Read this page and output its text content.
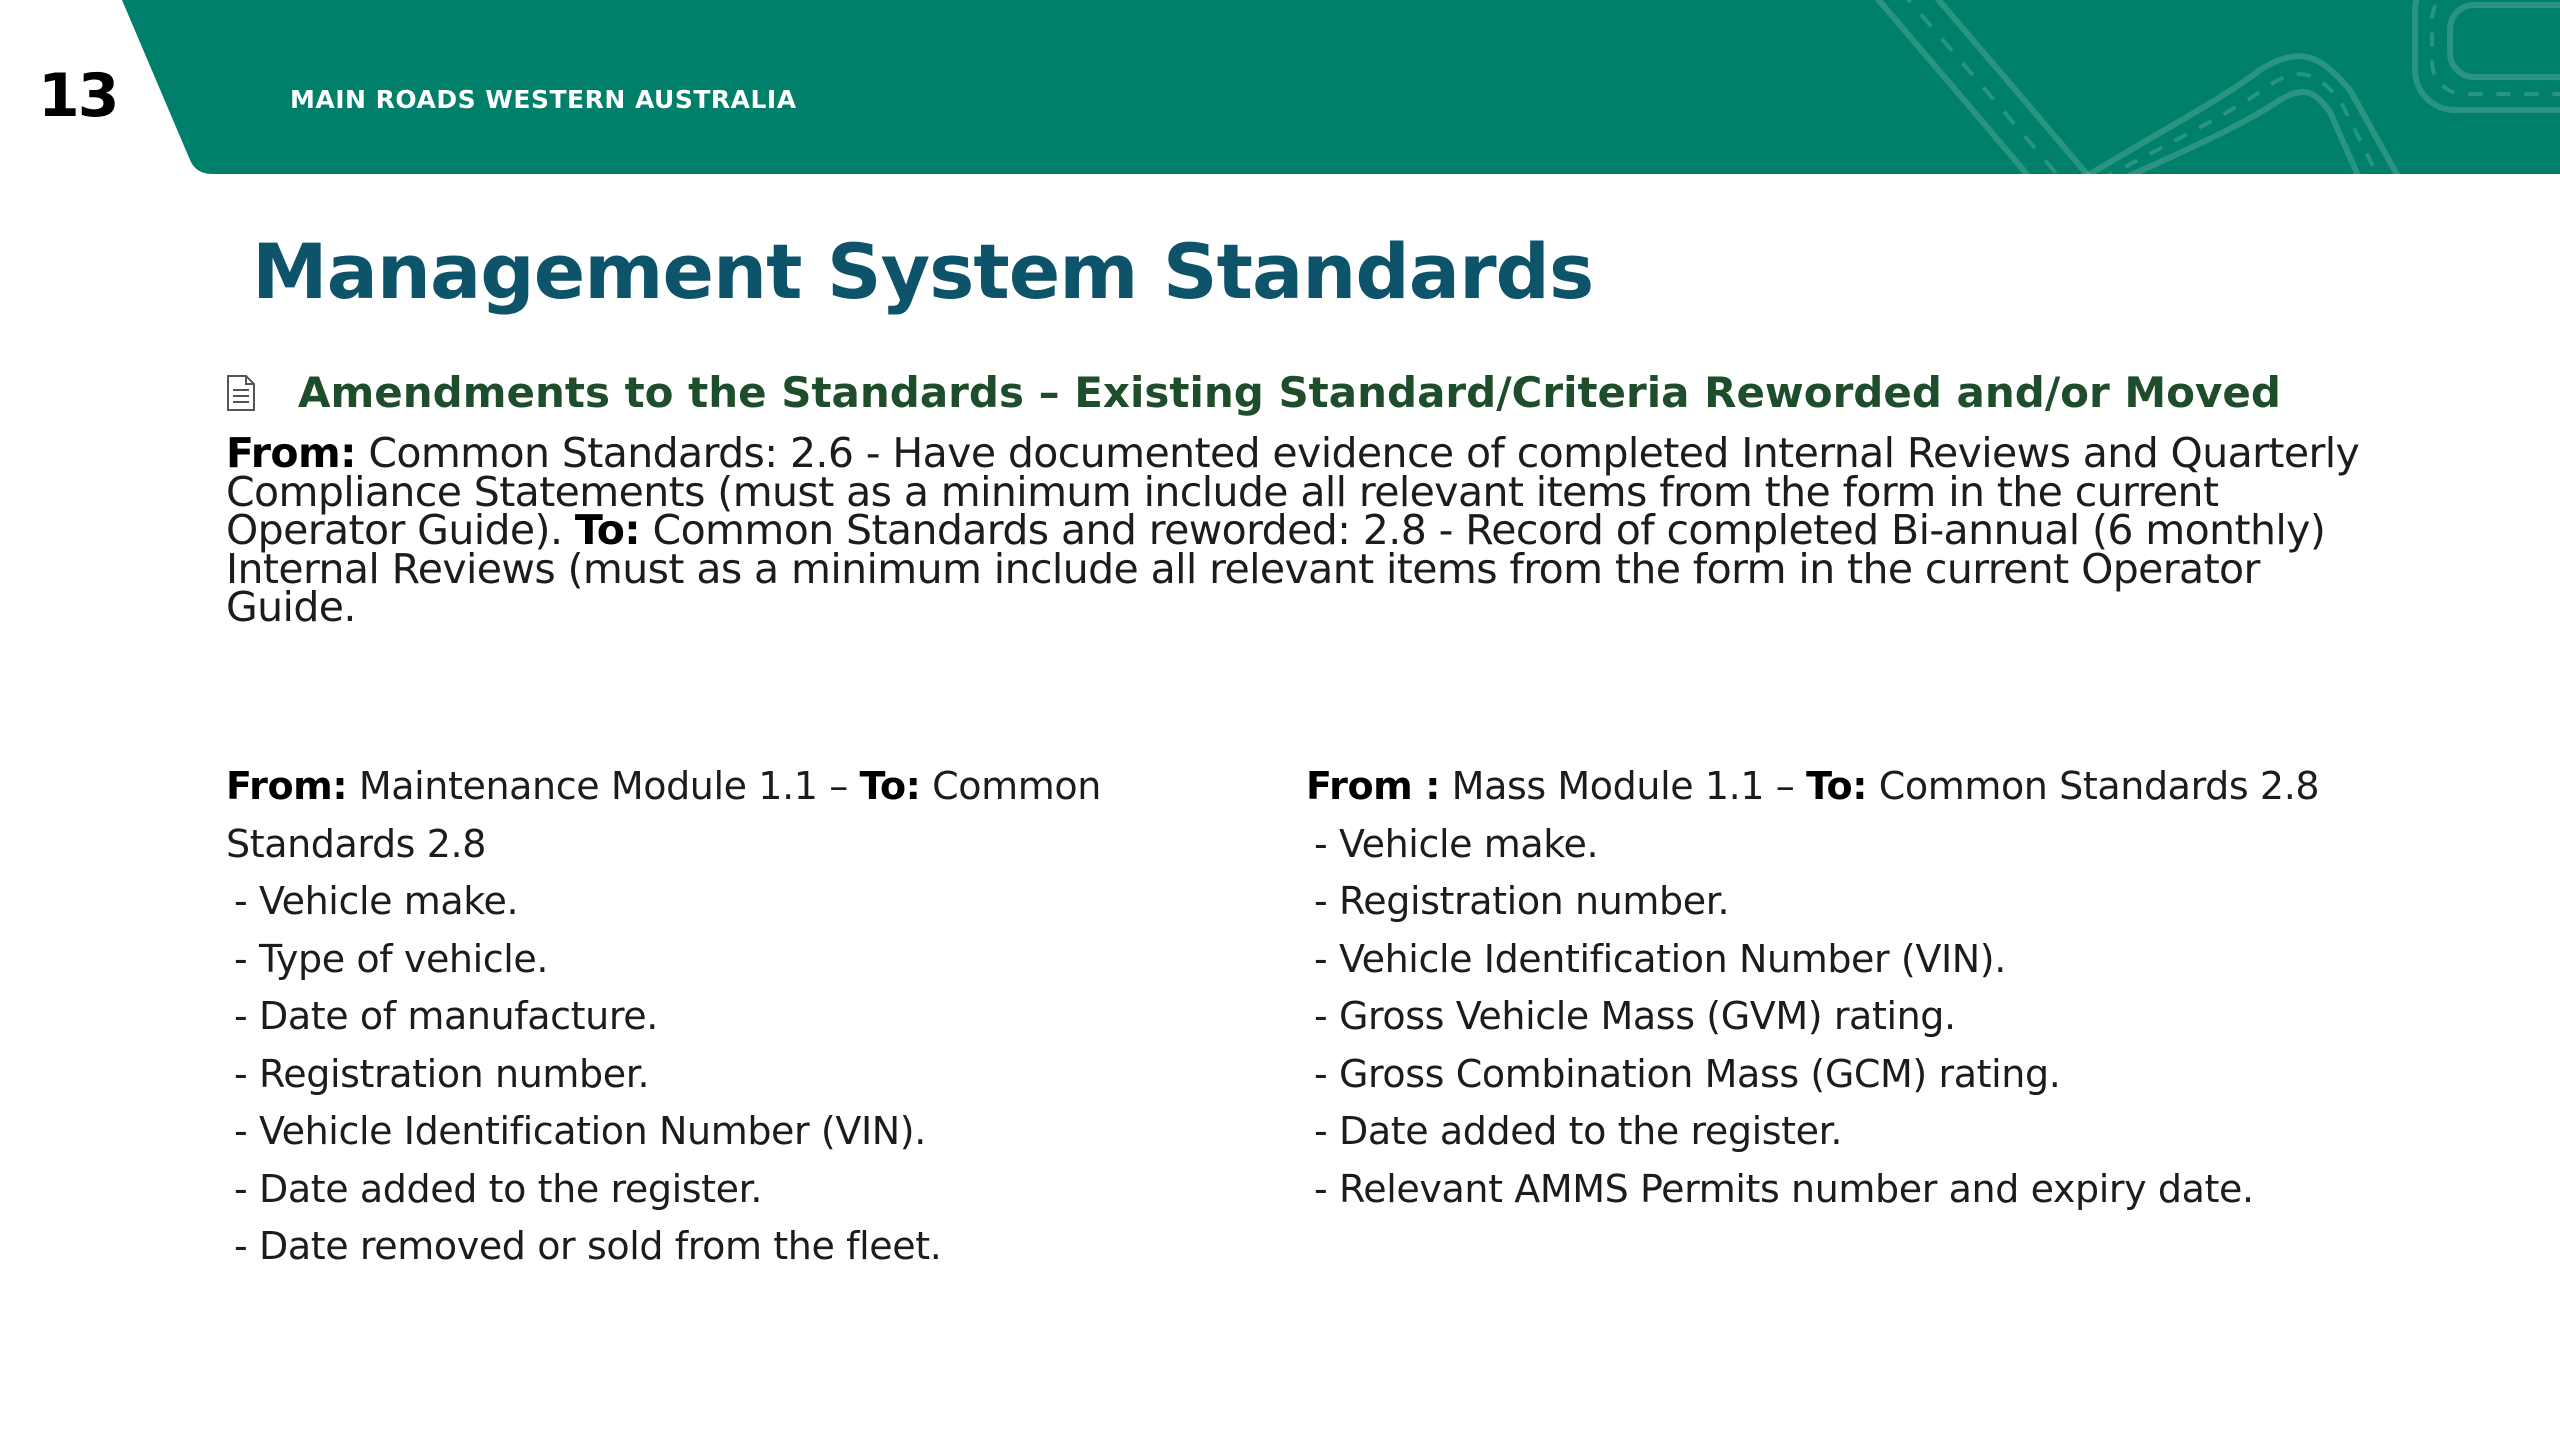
13	MAIN ROADS WESTERN AUSTRALIA
Management System Standards
Amendments to the Standards – Existing Standard/Criteria Reworded and/or Moved

From: Common Standards: 2.6 - Have documented evidence of completed Internal Reviews and Quarterly Compliance Statements (must as a minimum include all relevant items from the form in the current Operator Guide). To: Common Standards and reworded: 2.8 - Record of completed Bi-annual (6 monthly) Internal Reviews (must as a minimum include all relevant items from the form in the current Operator Guide.

From: Maintenance Module 1.1 – To: Common Standards 2.8
- Vehicle make.
- Type of vehicle.
- Date of manufacture.
- Registration number.
- Vehicle Identification Number (VIN).
- Date added to the register.
- Date removed or sold from the fleet.
From : Mass Module 1.1 – To: Common Standards 2.8
- Vehicle make.
- Registration number.
- Vehicle Identification Number (VIN).
- Gross Vehicle Mass (GVM) rating.
- Gross Combination Mass (GCM) rating.
- Date added to the register.
- Relevant AMMS Permits number and expiry date.
